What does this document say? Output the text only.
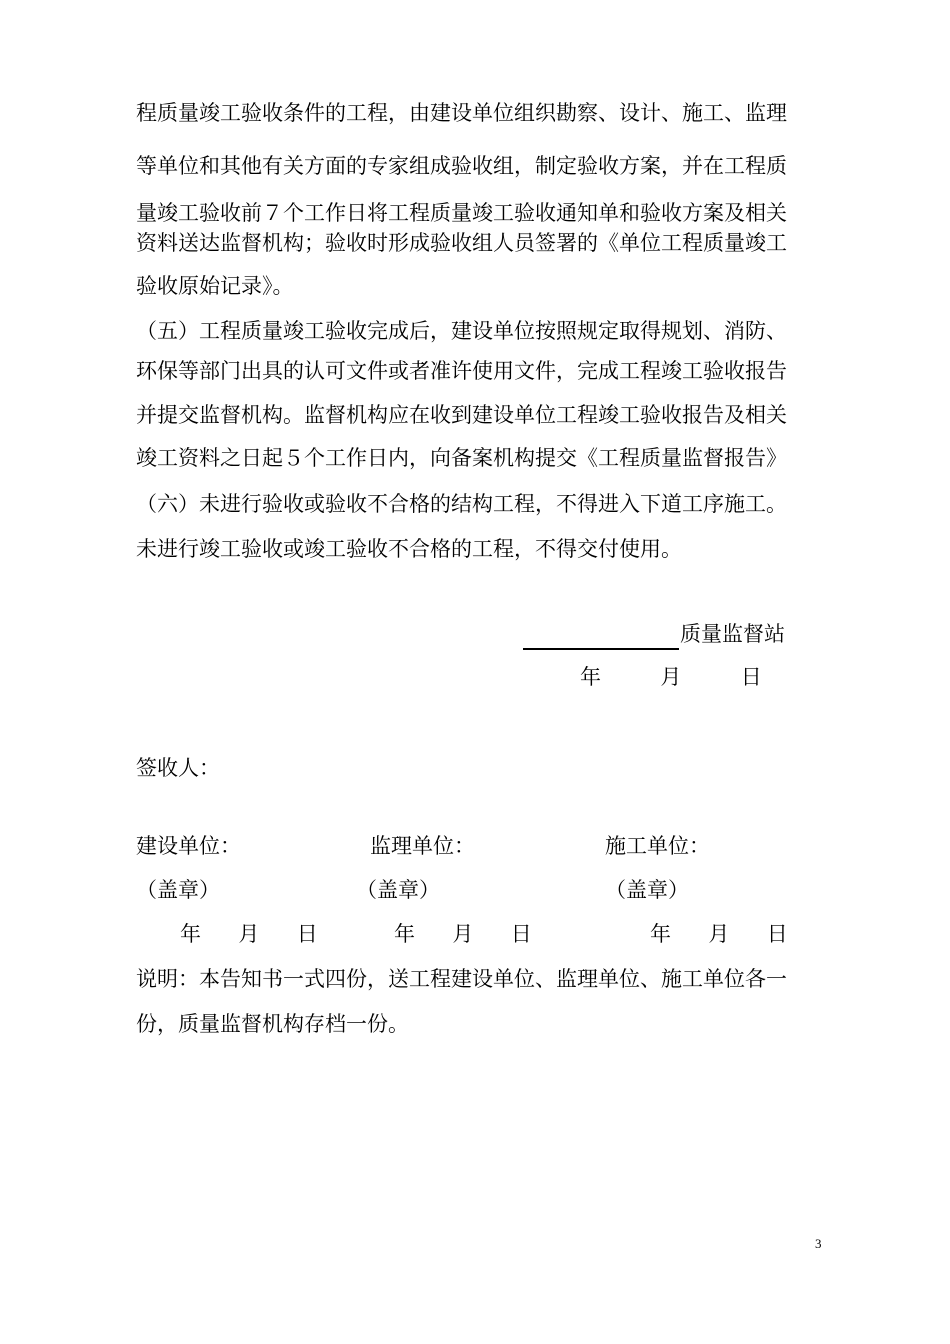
程质量竣工验收条件的工程，由建设单位组织勘察、设计、施工、监理
等单位和其他有关方面的专家组成验收组，制定验收方案，并在工程质
量竣工验收前７个工作日将工程质量竣工验收通知单和验收方案及相关
资料送达监督机构；验收时形成验收组人员签署的《单位工程质量竣工
验收原始记录》。
（五）工程质量竣工验收完成后，建设单位按照规定取得规划、消防、
环保等部门出具的认可文件或者准许使用文件，完成工程竣工验收报告
并提交监督机构。监督机构应在收到建设单位工程竣工验收报告及相关
竣工资料之日起５个工作日内，向备案机构提交《工程质量监督报告》
（六）未进行验收或验收不合格的结构工程，不得进入下道工序施工。
未进行竣工验收或竣工验收不合格的工程，不得交付使用。
质量监督站
年	月	日
签收人：
建设单位：	监理单位：	施工单位：
（盖章）	（盖章）	（盖章）
年 月 日	年 月 日	年 月 日
说明：本告知书一式四份，送工程建设单位、监理单位、施工单位各一
份，质量监督机构存档一份。
3
